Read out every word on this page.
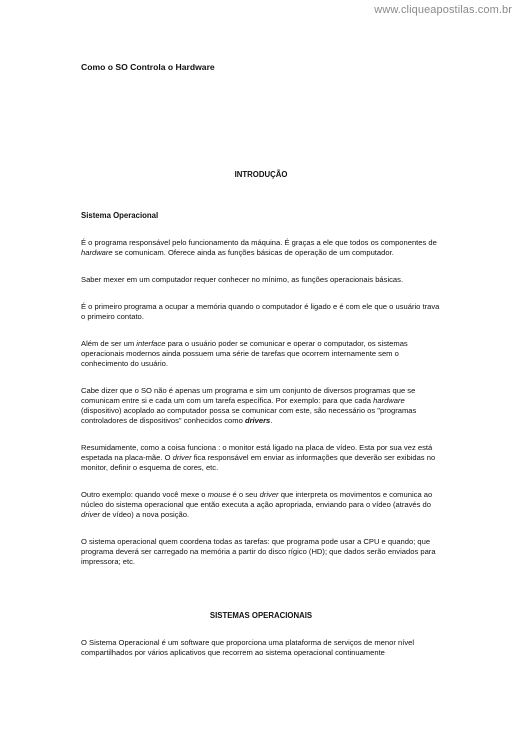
www.cliqueapostilas.com.br
Como o SO Controla o Hardware
INTRODUÇÃO
Sistema Operacional

É o programa responsável pelo funcionamento da máquina. É graças a ele que todos os componentes de hardware se comunicam. Oferece ainda as funções básicas de operação de um computador.

Saber mexer em um computador requer conhecer no mínimo, as funções operacionais básicas.

É o primeiro programa a ocupar a memória quando o computador é ligado e é com ele que o usuário trava o primeiro contato.

Além de ser um interface para o usuário poder se comunicar e operar o computador, os sistemas operacionais modernos ainda possuem uma série de tarefas que ocorrem internamente sem o conhecimento do usuário.

Cabe dizer que o SO não é apenas um programa e sim um conjunto de diversos programas que se comunicam entre si e cada um com um tarefa específica. Por exemplo: para que cada hardware (dispositivo) acoplado ao computador possa se comunicar com este, são necessário os "programas controladores de dispositivos" conhecidos como drivers.

Resumidamente, como a coisa funciona : o monitor está ligado na placa de vídeo. Esta por sua vez está espetada na placa-mãe. O driver fica responsável em enviar as informações que deverão ser exibidas no monitor, definir o esquema de cores, etc.

Outro exemplo: quando você mexe o mouse é o seu driver que interpreta os movimentos e comunica ao núcleo do sistema operacional que então executa a ação apropriada, enviando para o vídeo (através do driver de vídeo) a nova posição.

O sistema operacional quem coordena todas as tarefas: que programa pode usar a CPU e quando; que programa deverá ser carregado na memória a partir do disco rígico (HD); que dados serão enviados para impressora; etc.

SISTEMAS OPERACIONAIS

O Sistema Operacional é um software que proporciona uma plataforma de serviços de menor nível compartilhados por vários aplicativos que recorrem ao sistema operacional continuamente
